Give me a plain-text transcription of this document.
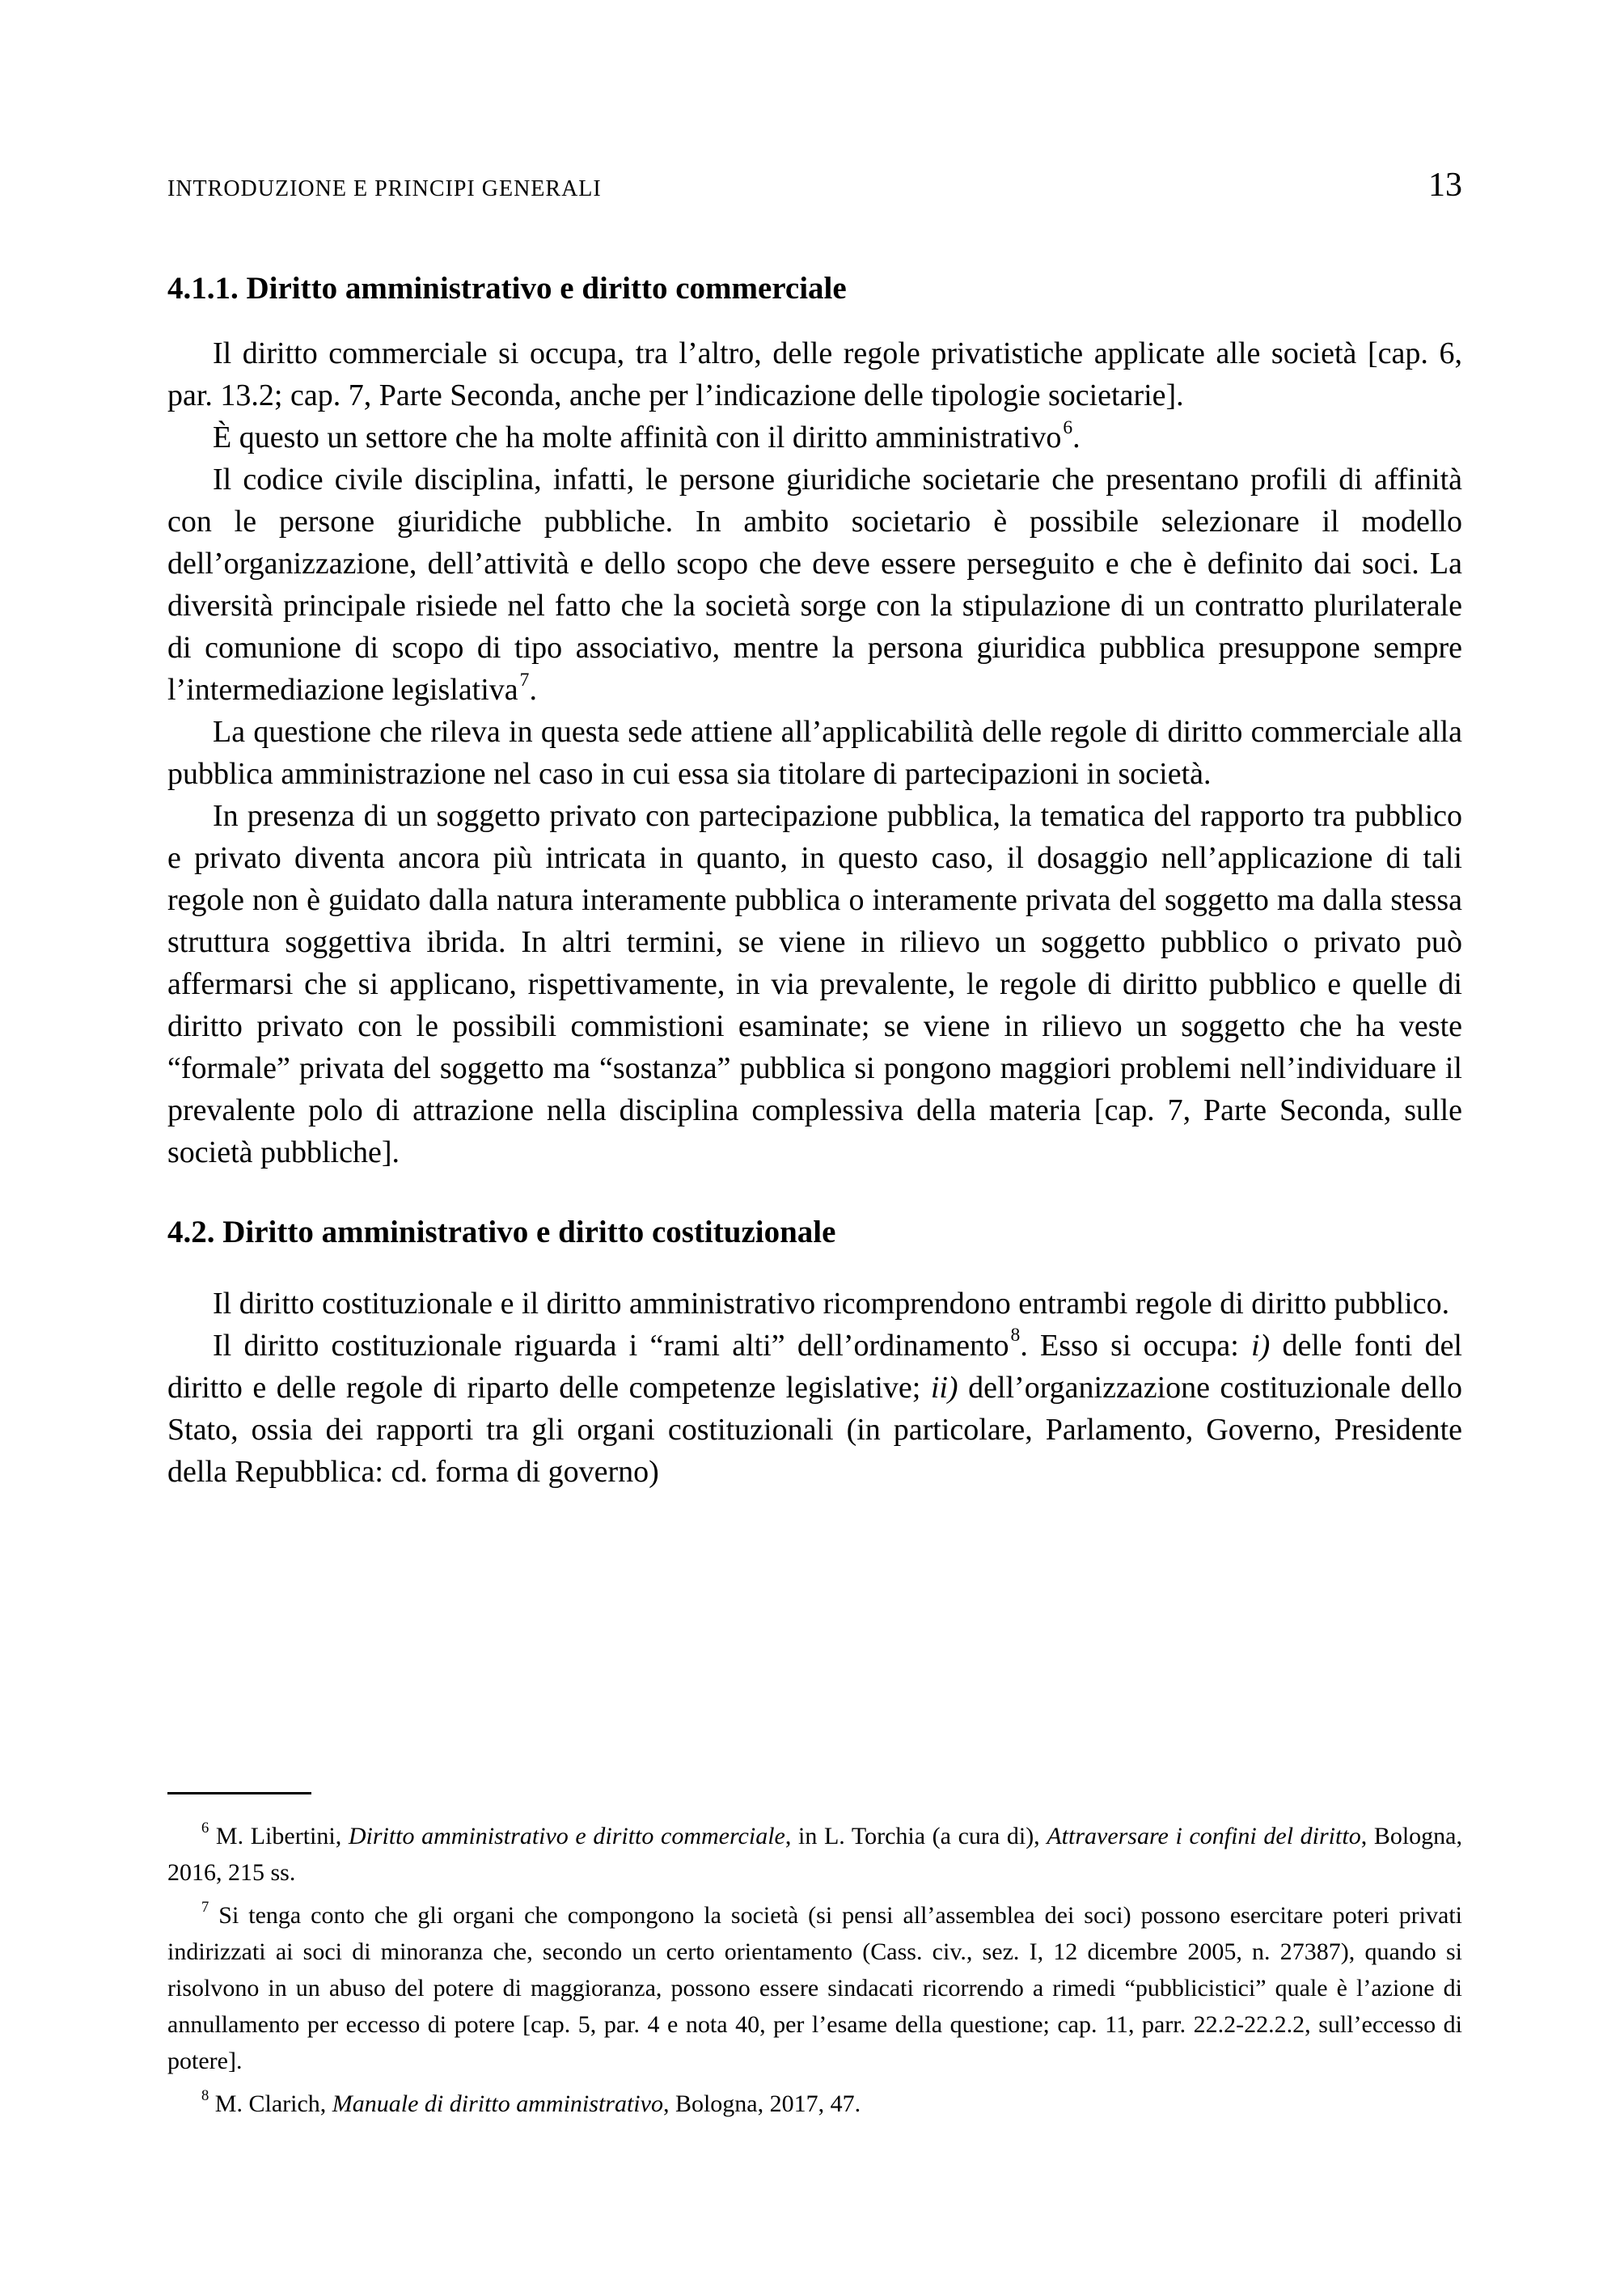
INTRODUZIONE E PRINCIPI GENERALI	13
4.1.1. Diritto amministrativo e diritto commerciale

Il diritto commerciale si occupa, tra l’altro, delle regole privatistiche applicate alle società [cap. 6, par. 13.2; cap. 7, Parte Seconda, anche per l’indicazione delle tipologie societarie].

È questo un settore che ha molte affinità con il diritto amministrativo$^6$.

Il codice civile disciplina, infatti, le persone giuridiche societarie che presentano profili di affinità con le persone giuridiche pubbliche. In ambito societario è possibile selezionare il modello dell’organizzazione, dell’attività e dello scopo che deve essere perseguito e che è definito dai soci. La diversità principale risiede nel fatto che la società sorge con la stipulazione di un contratto plurilaterale di comunione di scopo di tipo associativo, mentre la persona giuridica pubblica presuppone sempre l’intermediazione legislativa$^7$.

La questione che rileva in questa sede attiene all’applicabilità delle regole di diritto commerciale alla pubblica amministrazione nel caso in cui essa sia titolare di partecipazioni in società.

In presenza di un soggetto privato con partecipazione pubblica, la tematica del rapporto tra pubblico e privato diventa ancora più intricata in quanto, in questo caso, il dosaggio nell’applicazione di tali regole non è guidato dalla natura interamente pubblica o interamente privata del soggetto ma dalla stessa struttura soggettiva ibrida. In altri termini, se viene in rilievo un soggetto pubblico o privato può affermarsi che si applicano, rispettivamente, in via prevalente, le regole di diritto pubblico e quelle di diritto privato con le possibili commistioni esaminate; se viene in rilievo un soggetto che ha veste “formale” privata del soggetto ma “sostanza” pubblica si pongono maggiori problemi nell’individuare il prevalente polo di attrazione nella disciplina complessiva della materia [cap. 7, Parte Seconda, sulle società pubbliche].

4.2. Diritto amministrativo e diritto costituzionale

Il diritto costituzionale e il diritto amministrativo ricomprendono entrambi regole di diritto pubblico.

Il diritto costituzionale riguarda i “rami alti” dell’ordinamento$^8$. Esso si occupa: i) delle fonti del diritto e delle regole di riparto delle competenze legislative; ii) dell’organizzazione costituzionale dello Stato, ossia dei rapporti tra gli organi costituzionali (in particolare, Parlamento, Governo, Presidente della Repubblica: cd. forma di governo)

$^6$ M. Libertini, Diritto amministrativo e diritto commerciale, in L. Torchia (a cura di), Attraversare i confini del diritto, Bologna, 2016, 215 ss.

$^7$ Si tenga conto che gli organi che compongono la società (si pensi all’assemblea dei soci) possono esercitare poteri privati indirizzati ai soci di minoranza che, secondo un certo orientamento (Cass. civ., sez. I, 12 dicembre 2005, n. 27387), quando si risolvono in un abuso del potere di maggioranza, possono essere sindacati ricorrendo a rimedi “pubblicistici” quale è l’azione di annullamento per eccesso di potere [cap. 5, par. 4 e nota 40, per l’esame della questione; cap. 11, parr. 22.2-22.2.2, sull’eccesso di potere].

$^8$ M. Clarich, Manuale di diritto amministrativo, Bologna, 2017, 47.
